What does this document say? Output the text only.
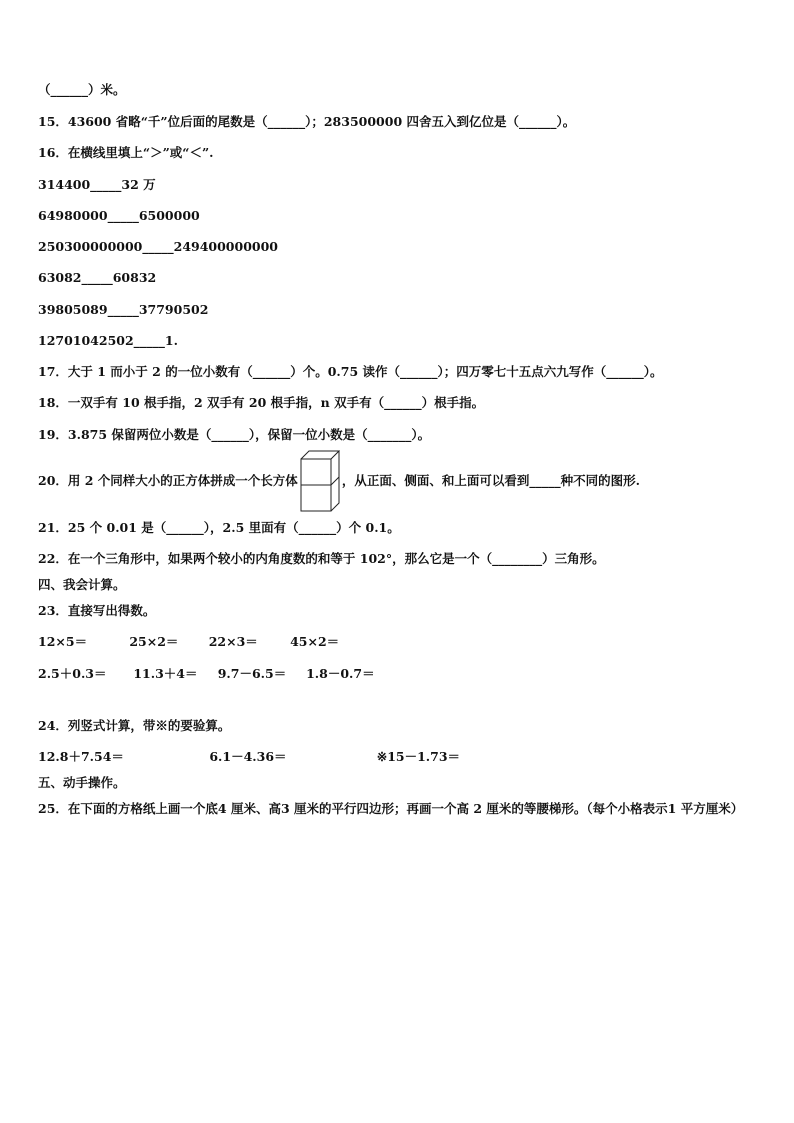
（______）米。
15．43600 省略“千”位后面的尾数是（______）；283500000 四舍五入到亿位是（______）。
16．在横线里填上“＞”或“＜”.
314400_____32 万
64980000_____6500000
250300000000_____249400000000
63082_____60832
39805089_____37790502
12701042502_____1.
17．大于 1 而小于 2 的一位小数有（______）个。0.75 读作（______）；四万零七十五点六九写作（______）。
18．一双手有 10 根手指，2 双手有 20 根手指，n 双手有（______）根手指。
19．3.875 保留两位小数是（______），保留一位小数是（_______）。
20．用 2 个同样大小的正方体拼成一个长方体	，从正面、侧面、和上面可以看到_____种不同的图形.
21．25 个 0.01 是（______），2.5 里面有（______）个 0.1。
22．在一个三角形中，如果两个较小的内角度数的和等于 102°，那么它是一个（________）三角形。
四、我会计算。
23．直接写出得数。
12×5＝	25×2＝ 22×3＝	45×2＝
2.5＋0.3＝ 11.3＋4＝ 9.7－6.5＝ 1.8－0.7＝
24．列竖式计算，带※的要验算。
12.8＋7.54＝	6.1－4.36＝	※15－1.73＝
五、动手操作。
25．在下面的方格纸上画一个底4 厘米、高3 厘米的平行四边形；再画一个高 2 厘米的等腰梯形。（每个小格表示1 平方厘米）
